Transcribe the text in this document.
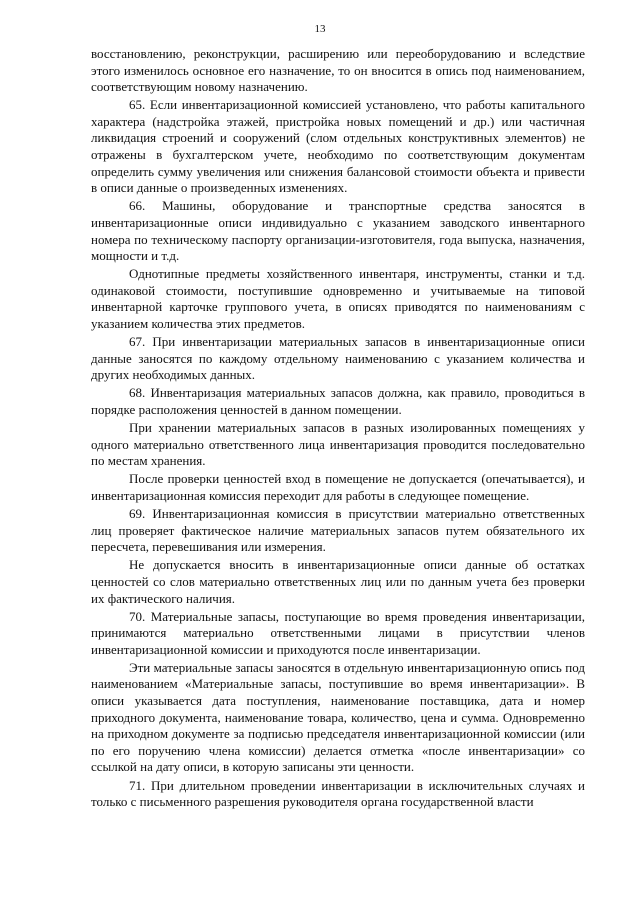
13

восстановлению, реконструкции, расширению или переоборудованию и вследствие этого изменилось основное его назначение, то он вносится в опись под наименованием, соответствующим новому назначению.

65. Если инвентаризационной комиссией установлено, что работы капитального характера (надстройка этажей, пристройка новых помещений и др.) или частичная ликвидация строений и сооружений (слом отдельных конструктивных элементов) не отражены в бухгалтерском учете, необходимо по соответствующим документам определить сумму увеличения или снижения балансовой стоимости объекта и привести в описи данные о произведенных изменениях.

66. Машины, оборудование и транспортные средства заносятся в инвентаризационные описи индивидуально с указанием заводского инвентарного номера по техническому паспорту организации-изготовителя, года выпуска, назначения, мощности и т.д.

Однотипные предметы хозяйственного инвентаря, инструменты, станки и т.д. одинаковой стоимости, поступившие одновременно и учитываемые на типовой инвентарной карточке группового учета, в описях приводятся по наименованиям с указанием количества этих предметов.

67. При инвентаризации материальных запасов в инвентаризационные описи данные заносятся по каждому отдельному наименованию с указанием количества и других необходимых данных.

68. Инвентаризация материальных запасов должна, как правило, проводиться в порядке расположения ценностей в данном помещении.

При хранении материальных запасов в разных изолированных помещениях у одного материально ответственного лица инвентаризация проводится последовательно по местам хранения.

После проверки ценностей вход в помещение не допускается (опечатывается), и инвентаризационная комиссия переходит для работы в следующее помещение.

69. Инвентаризационная комиссия в присутствии материально ответственных лиц проверяет фактическое наличие материальных запасов путем обязательного их пересчета, перевешивания или измерения.

Не допускается вносить в инвентаризационные описи данные об остатках ценностей со слов материально ответственных лиц или по данным учета без проверки их фактического наличия.

70. Материальные запасы, поступающие во время проведения инвентаризации, принимаются материально ответственными лицами в присутствии членов инвентаризационной комиссии и приходуются после инвентаризации.

Эти материальные запасы заносятся в отдельную инвентаризационную опись под наименованием «Материальные запасы, поступившие во время инвентаризации». В описи указывается дата поступления, наименование поставщика, дата и номер приходного документа, наименование товара, количество, цена и сумма. Одновременно на приходном документе за подписью председателя инвентаризационной комиссии (или по его поручению члена комиссии) делается отметка «после инвентаризации» со ссылкой на дату описи, в которую записаны эти ценности.

71. При длительном проведении инвентаризации в исключительных случаях и только с письменного разрешения руководителя органа государственной власти
